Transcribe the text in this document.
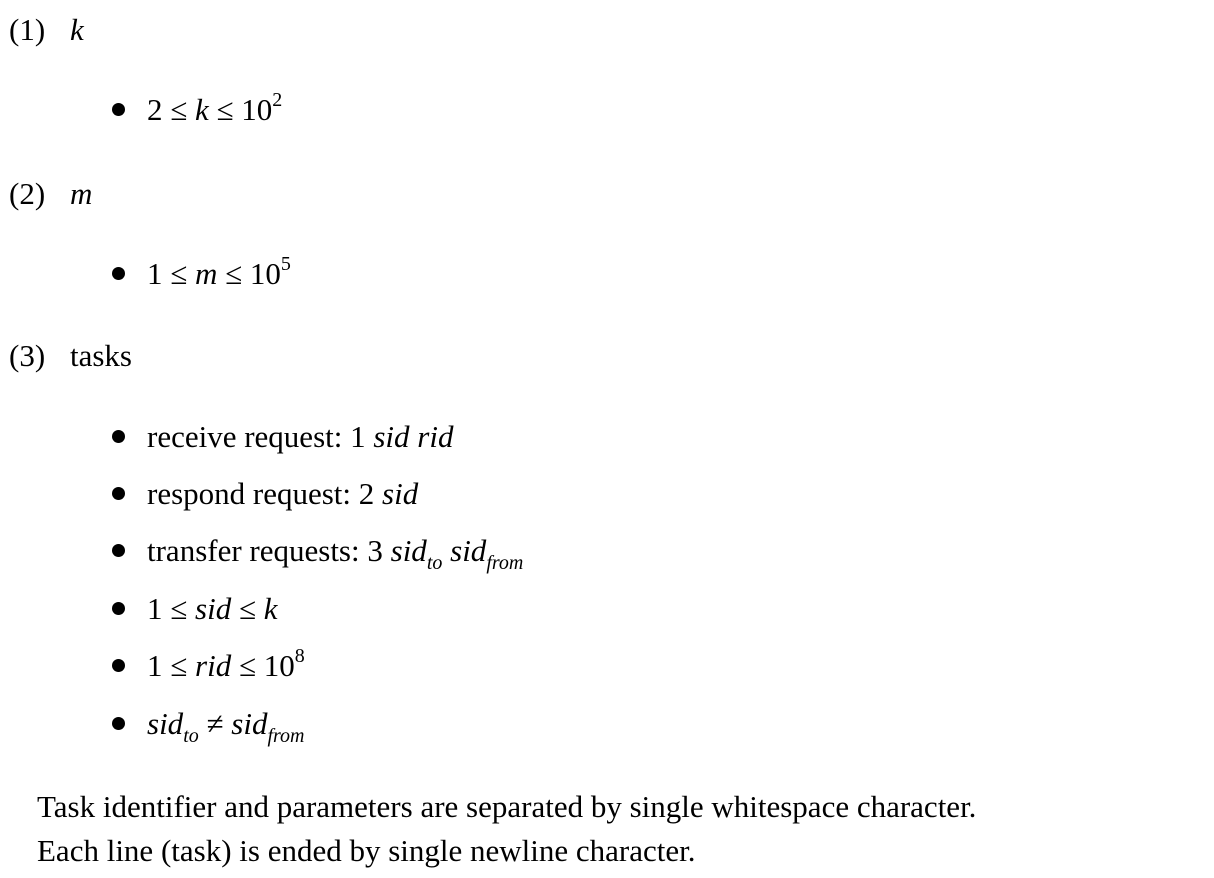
(1) k
$2 \le k \le 10^2$
(2) m
$1 \le m \le 10^5$
(3) tasks
receive request: 1 sid rid
respond request: 2 sid
transfer requests: 3 sid$_{to}$ sid$_{from}$
1 ≤ sid ≤ k
1 ≤ rid ≤ $10^8$
sid$_{to}$ ≠ sid$_{from}$
Task identifier and parameters are separated by single whitespace character.
Each line (task) is ended by single newline character.
